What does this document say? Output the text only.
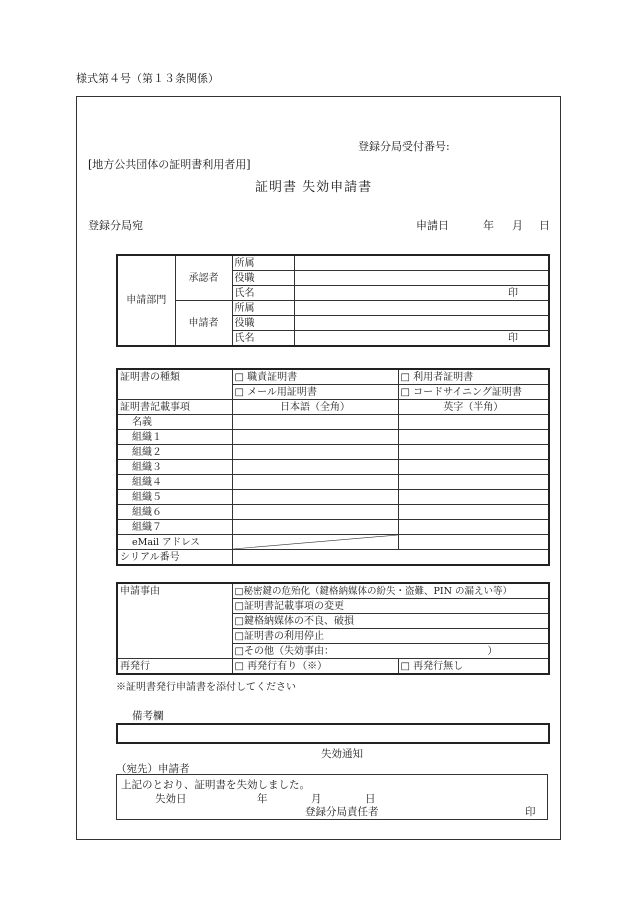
様式第４号（第１３条関係）
登録分局受付番号:
[地方公共団体の証明書利用者用]
証明書 失効申請書
登録分局宛	申請日	年 月 日
申請部門	承認者	所属	
		役職	
		氏名	印
	申請者	所属	
		役職	
		氏名	印
証明書の種類	□ 職責証明書	□ 利用者証明書
	□ メール用証明書	□ コードサイニング証明書
証明書記載事項	日本語（全角）	英字（半角）
名義		
組織１		
組織２		
組織３		
組織４		
組織５		
組織６		
組織７		
eMail アドレス	

シリアル番号		
申請事由	□秘密鍵の危殆化（鍵格納媒体の紛失・盗難、PIN の漏えい等）	
	□証明書記載事項の変更	
	□鍵格納媒体の不良、破損	
	□証明書の利用停止	
	□その他（失効事由： ）	

再発行	□ 再発行有り（※）	□ 再発行無し
※証明書発行申請書を添付してください
備考欄
失効通知
（宛先）申請者
上記のとおり、証明書を失効しました。
失効日	年	月	日
登録分局責任者	印
